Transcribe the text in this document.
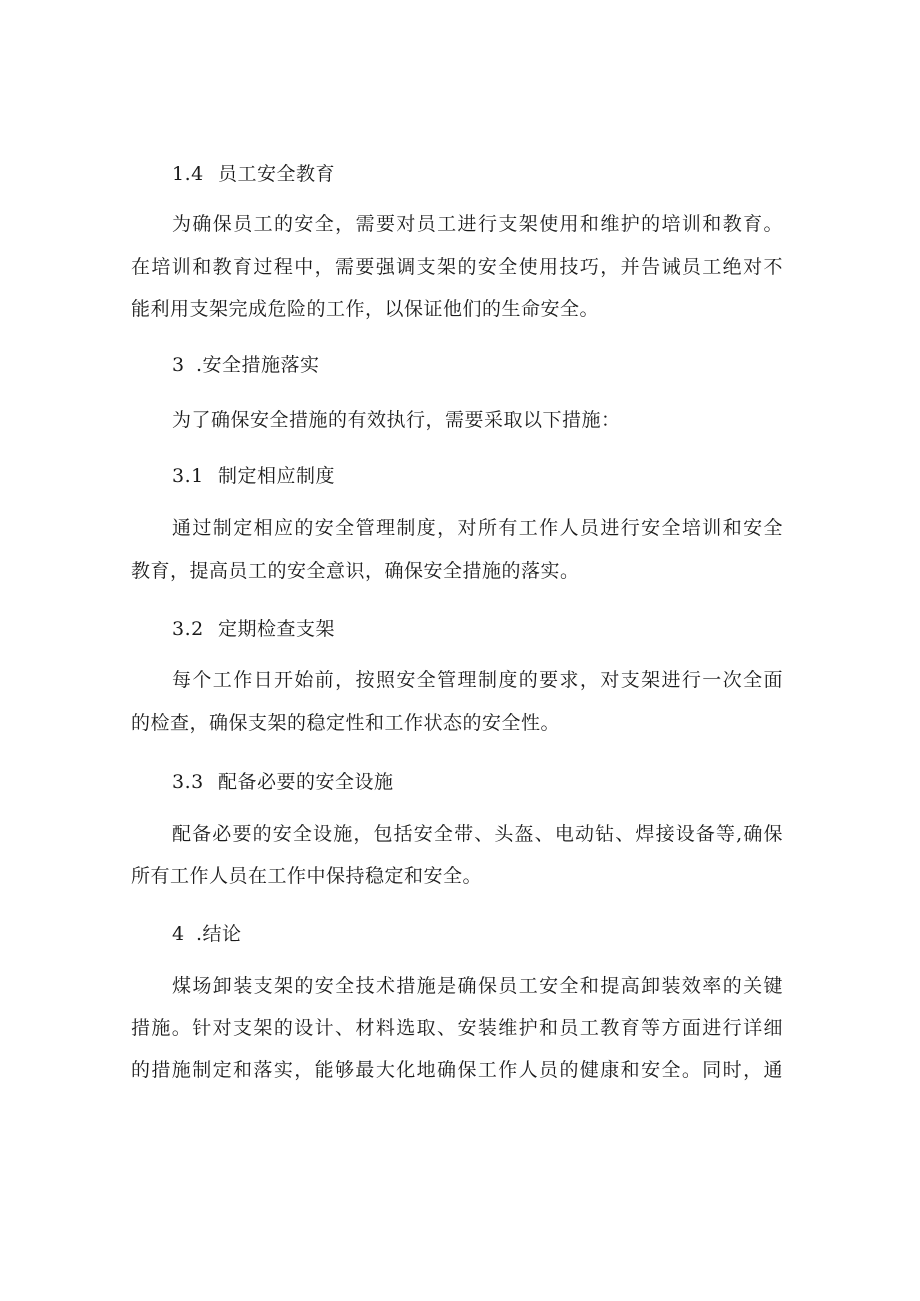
1.4 员工安全教育
为确保员工的安全，需要对员工进行支架使用和维护的培训和教育。
在培训和教育过程中，需要强调支架的安全使用技巧，并告诫员工绝对不
能利用支架完成危险的工作，以保证他们的生命安全。
3 .安全措施落实
为了确保安全措施的有效执行，需要采取以下措施：
3.1 制定相应制度
通过制定相应的安全管理制度，对所有工作人员进行安全培训和安全
教育，提高员工的安全意识，确保安全措施的落实。
3.2 定期检查支架
每个工作日开始前，按照安全管理制度的要求，对支架进行一次全面
的检查，确保支架的稳定性和工作状态的安全性。
3.3 配备必要的安全设施
配备必要的安全设施，包括安全带、头盔、电动钻、焊接设备等,确保
所有工作人员在工作中保持稳定和安全。
4 .结论
煤场卸装支架的安全技术措施是确保员工安全和提高卸装效率的关键
措施。针对支架的设计、材料选取、安装维护和员工教育等方面进行详细
的措施制定和落实，能够最大化地确保工作人员的健康和安全。同时，通
